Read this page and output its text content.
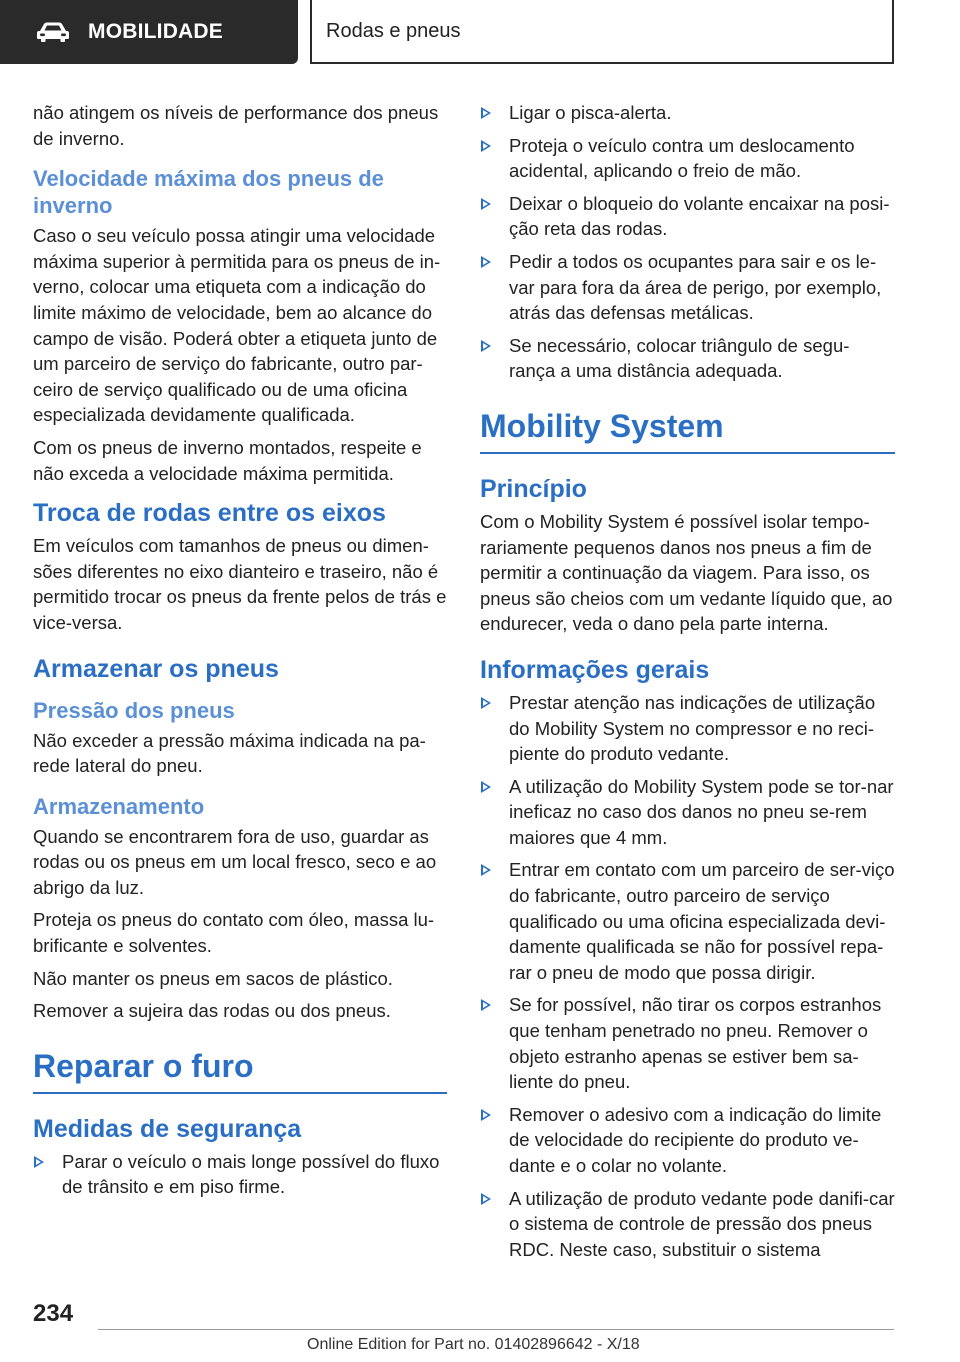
MOBILIDADE	Rodas e pneus

não atingem os níveis de performance dos pneus de inverno.

Velocidade máxima dos pneus de inverno

Caso o seu veículo possa atingir uma velocidade máxima superior à permitida para os pneus de in-verno, colocar uma etiqueta com a indicação do limite máximo de velocidade, bem ao alcance do campo de visão. Poderá obter a etiqueta junto de um parceiro de serviço do fabricante, outro par-ceiro de serviço qualificado ou de uma oficina especializada devidamente qualificada.

Com os pneus de inverno montados, respeite e não exceda a velocidade máxima permitida.

Troca de rodas entre os eixos

Em veículos com tamanhos de pneus ou dimen-sões diferentes no eixo dianteiro e traseiro, não é permitido trocar os pneus da frente pelos de trás e vice-versa.

Armazenar os pneus
Pressão dos pneus

Não exceder a pressão máxima indicada na pa-rede lateral do pneu.

Armazenamento

Quando se encontrarem fora de uso, guardar as rodas ou os pneus em um local fresco, seco e ao abrigo da luz.

Proteja os pneus do contato com óleo, massa lu-brificante e solventes.

Não manter os pneus em sacos de plástico.

Remover a sujeira das rodas ou dos pneus.

Reparar o furo
Medidas de segurança
Parar o veículo o mais longe possível do fluxo de trânsito e em piso firme.
Ligar o pisca-alerta.
Proteja o veículo contra um deslocamento acidental, aplicando o freio de mão.
Deixar o bloqueio do volante encaixar na posi-ção reta das rodas.
Pedir a todos os ocupantes para sair e os le-var para fora da área de perigo, por exemplo, atrás das defensas metálicas.
Se necessário, colocar triângulo de segu-rança a uma distância adequada.
Mobility System
Princípio

Com o Mobility System é possível isolar tempo-rariamente pequenos danos nos pneus a fim de permitir a continuação da viagem. Para isso, os pneus são cheios com um vedante líquido que, ao endurecer, veda o dano pela parte interna.

Informações gerais
Prestar atenção nas indicações de utilização do Mobility System no compressor e no reci-piente do produto vedante.
A utilização do Mobility System pode se tor-nar ineficaz no caso dos danos no pneu se-rem maiores que 4 mm.
Entrar em contato com um parceiro de ser-viço do fabricante, outro parceiro de serviço qualificado ou uma oficina especializada devi-damente qualificada se não for possível repa-rar o pneu de modo que possa dirigir.
Se for possível, não tirar os corpos estranhos que tenham penetrado no pneu. Remover o objeto estranho apenas se estiver bem sa-liente do pneu.
Remover o adesivo com a indicação do limite de velocidade do recipiente do produto ve-dante e o colar no volante.
A utilização de produto vedante pode danifi-car o sistema de controle de pressão dos pneus RDC. Neste caso, substituir o sistema
234
Online Edition for Part no. 01402896642 - X/18
